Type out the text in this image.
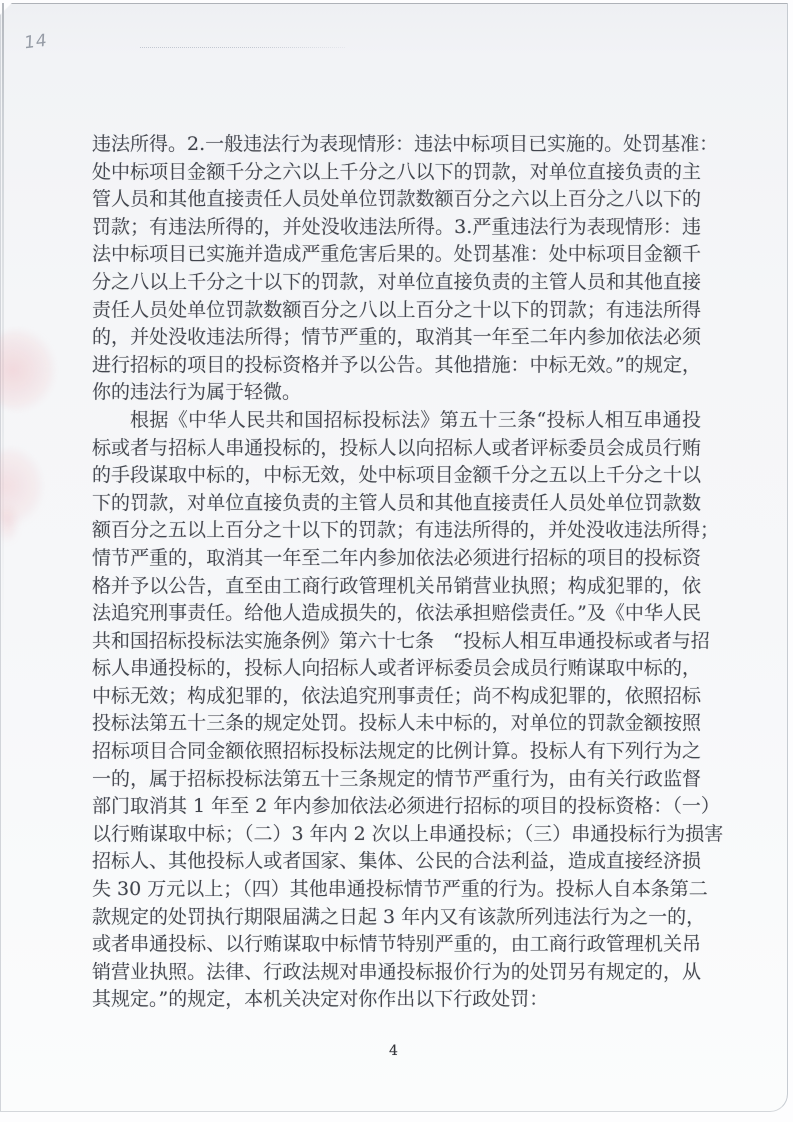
14
违法所得。2.一般违法行为表现情形：违法中标项目已实施的。处罚基准：
处中标项目金额千分之六以上千分之八以下的罚款，对单位直接负责的主
管人员和其他直接责任人员处单位罚款数额百分之六以上百分之八以下的
罚款；有违法所得的，并处没收违法所得。3.严重违法行为表现情形：违
法中标项目已实施并造成严重危害后果的。处罚基准：处中标项目金额千
分之八以上千分之十以下的罚款，对单位直接负责的主管人员和其他直接
责任人员处单位罚款数额百分之八以上百分之十以下的罚款；有违法所得
的，并处没收违法所得；情节严重的，取消其一年至二年内参加依法必须
进行招标的项目的投标资格并予以公告。其他措施：中标无效。”的规定，
你的违法行为属于轻微。
根据《中华人民共和国招标投标法》第五十三条“投标人相互串通投
标或者与招标人串通投标的，投标人以向招标人或者评标委员会成员行贿
的手段谋取中标的，中标无效，处中标项目金额千分之五以上千分之十以
下的罚款，对单位直接负责的主管人员和其他直接责任人员处单位罚款数
额百分之五以上百分之十以下的罚款；有违法所得的，并处没收违法所得；
情节严重的，取消其一年至二年内参加依法必须进行招标的项目的投标资
格并予以公告，直至由工商行政管理机关吊销营业执照；构成犯罪的，依
法追究刑事责任。给他人造成损失的，依法承担赔偿责任。”及《中华人民
共和国招标投标法实施条例》第六十七条　“投标人相互串通投标或者与招
标人串通投标的，投标人向招标人或者评标委员会成员行贿谋取中标的，
中标无效；构成犯罪的，依法追究刑事责任；尚不构成犯罪的，依照招标
投标法第五十三条的规定处罚。投标人未中标的，对单位的罚款金额按照
招标项目合同金额依照招标投标法规定的比例计算。投标人有下列行为之
一的，属于招标投标法第五十三条规定的情节严重行为，由有关行政监督
部门取消其 1 年至 2 年内参加依法必须进行招标的项目的投标资格：（一）
以行贿谋取中标；（二）3 年内 2 次以上串通投标；（三）串通投标行为损害
招标人、其他投标人或者国家、集体、公民的合法利益，造成直接经济损
失 30 万元以上；（四）其他串通投标情节严重的行为。投标人自本条第二
款规定的处罚执行期限届满之日起 3 年内又有该款所列违法行为之一的，
或者串通投标、以行贿谋取中标情节特别严重的，由工商行政管理机关吊
销营业执照。法律、行政法规对串通投标报价行为的处罚另有规定的，从
其规定。”的规定，本机关决定对你作出以下行政处罚：
4
